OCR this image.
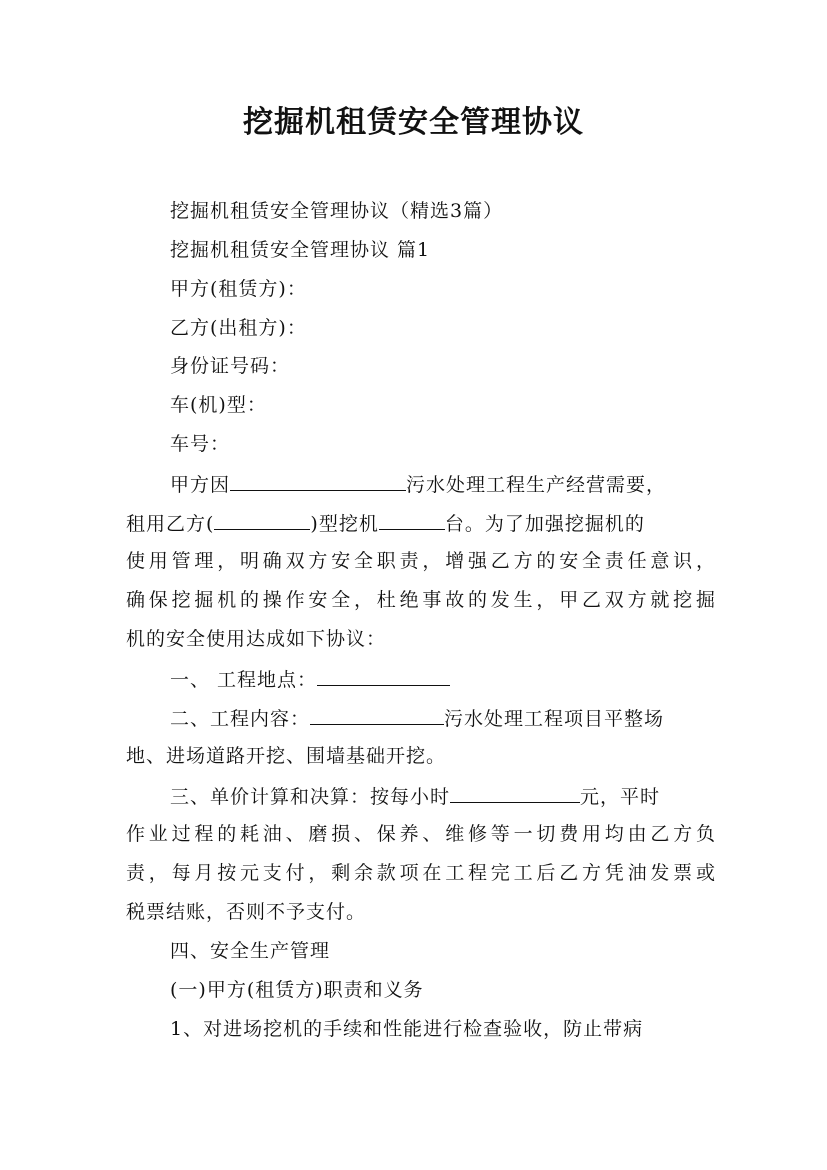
挖掘机租赁安全管理协议
挖掘机租赁安全管理协议（精选3篇）
挖掘机租赁安全管理协议 篇1
甲方(租赁方)：
乙方(出租方)：
身份证号码：
车(机)型：
车号：
甲方因	污水处理工程生产经营需要，
租用乙方(	)型挖机	台。为了加强挖掘机的
使用管理，明确双方安全职责，增强乙方的安全责任意识，
确保挖掘机的操作安全，杜绝事故的发生，甲乙双方就挖掘
机的安全使用达成如下协议：
一、 工程地点：
二、工程内容：	污水处理工程项目平整场
地、进场道路开挖、围墙基础开挖。
三、单价计算和决算：按每小时	元，平时
作业过程的耗油、磨损、保养、维修等一切费用均由乙方负
责，每月按元支付，剩余款项在工程完工后乙方凭油发票或
税票结账，否则不予支付。
四、安全生产管理
(一)甲方(租赁方)职责和义务
1、对进场挖机的手续和性能进行检查验收，防止带病
